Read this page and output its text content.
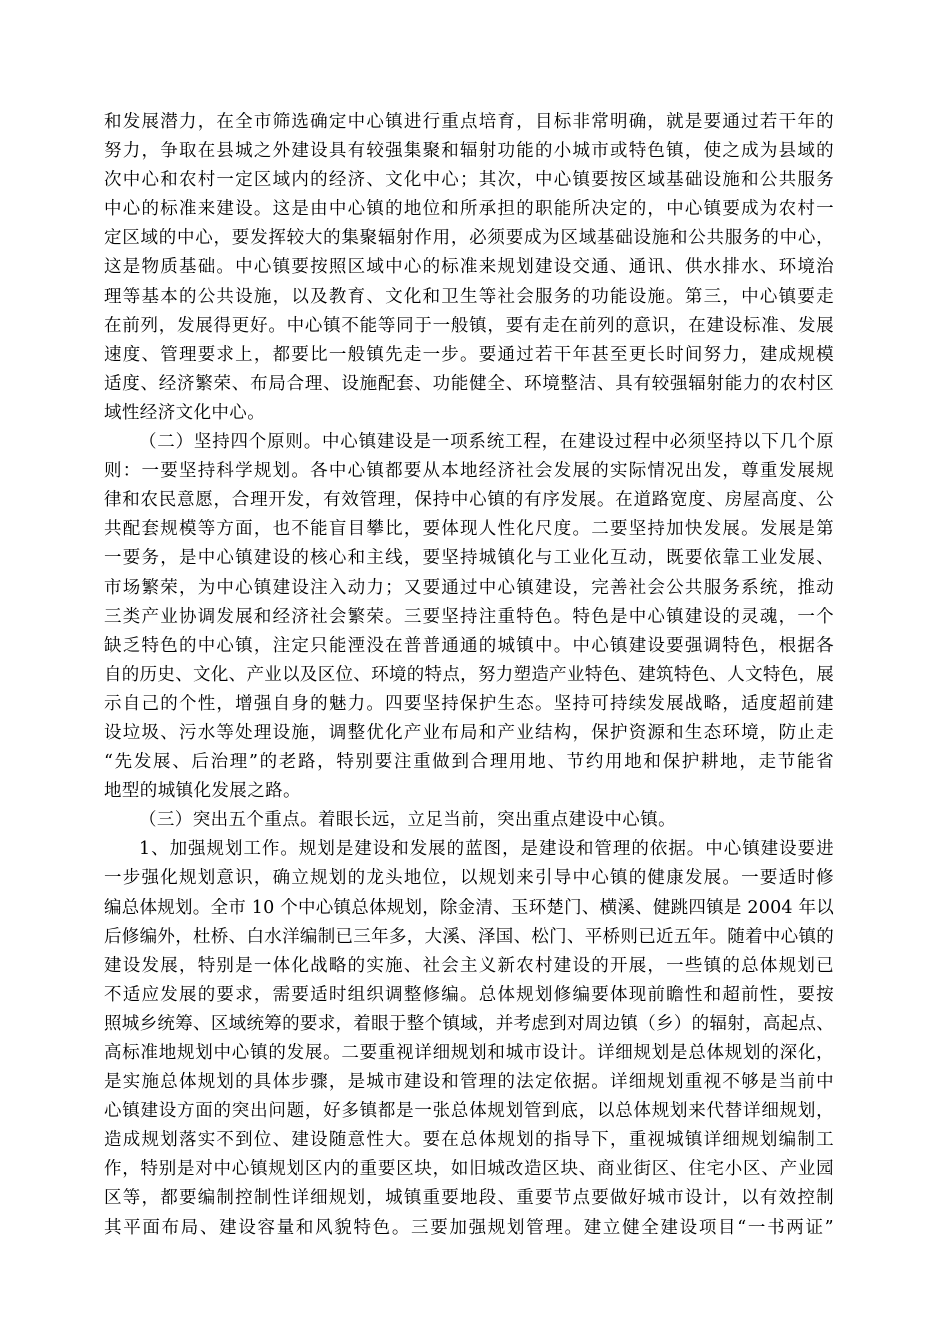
和发展潜力，在全市筛选确定中心镇进行重点培育，目标非常明确，就是要通过若干年的
努力，争取在县城之外建设具有较强集聚和辐射功能的小城市或特色镇，使之成为县域的
次中心和农村一定区域内的经济、文化中心；其次，中心镇要按区域基础设施和公共服务
中心的标准来建设。这是由中心镇的地位和所承担的职能所决定的，中心镇要成为农村一
定区域的中心，要发挥较大的集聚辐射作用，必须要成为区域基础设施和公共服务的中心，
这是物质基础。中心镇要按照区域中心的标准来规划建设交通、通讯、供水排水、环境治
理等基本的公共设施，以及教育、文化和卫生等社会服务的功能设施。第三，中心镇要走
在前列，发展得更好。中心镇不能等同于一般镇，要有走在前列的意识，在建设标准、发展
速度、管理要求上，都要比一般镇先走一步。要通过若干年甚至更长时间努力，建成规模
适度、经济繁荣、布局合理、设施配套、功能健全、环境整洁、具有较强辐射能力的农村区
域性经济文化中心。
（二）坚持四个原则。中心镇建设是一项系统工程，在建设过程中必须坚持以下几个原
则：一要坚持科学规划。各中心镇都要从本地经济社会发展的实际情况出发，尊重发展规
律和农民意愿，合理开发，有效管理，保持中心镇的有序发展。在道路宽度、房屋高度、公
共配套规模等方面，也不能盲目攀比，要体现人性化尺度。二要坚持加快发展。发展是第
一要务，是中心镇建设的核心和主线，要坚持城镇化与工业化互动，既要依靠工业发展、
市场繁荣，为中心镇建设注入动力；又要通过中心镇建设，完善社会公共服务系统，推动
三类产业协调发展和经济社会繁荣。三要坚持注重特色。特色是中心镇建设的灵魂，一个
缺乏特色的中心镇，注定只能湮没在普普通通的城镇中。中心镇建设要强调特色，根据各
自的历史、文化、产业以及区位、环境的特点，努力塑造产业特色、建筑特色、人文特色，展
示自己的个性，增强自身的魅力。四要坚持保护生态。坚持可持续发展战略，适度超前建
设垃圾、污水等处理设施，调整优化产业布局和产业结构，保护资源和生态环境，防止走
“先发展、后治理”的老路，特别要注重做到合理用地、节约用地和保护耕地，走节能省
地型的城镇化发展之路。
（三）突出五个重点。着眼长远，立足当前，突出重点建设中心镇。
1、加强规划工作。规划是建设和发展的蓝图，是建设和管理的依据。中心镇建设要进
一步强化规划意识，确立规划的龙头地位，以规划来引导中心镇的健康发展。一要适时修
编总体规划。全市 10 个中心镇总体规划，除金清、玉环楚门、横溪、健跳四镇是 2004 年以
后修编外，杜桥、白水洋编制已三年多，大溪、泽国、松门、平桥则已近五年。随着中心镇的
建设发展，特别是一体化战略的实施、社会主义新农村建设的开展，一些镇的总体规划已
不适应发展的要求，需要适时组织调整修编。总体规划修编要体现前瞻性和超前性，要按
照城乡统筹、区域统筹的要求，着眼于整个镇域，并考虑到对周边镇（乡）的辐射，高起点、
高标准地规划中心镇的发展。二要重视详细规划和城市设计。详细规划是总体规划的深化，
是实施总体规划的具体步骤，是城市建设和管理的法定依据。详细规划重视不够是当前中
心镇建设方面的突出问题，好多镇都是一张总体规划管到底，以总体规划来代替详细规划，
造成规划落实不到位、建设随意性大。要在总体规划的指导下，重视城镇详细规划编制工
作，特别是对中心镇规划区内的重要区块，如旧城改造区块、商业街区、住宅小区、产业园
区等，都要编制控制性详细规划，城镇重要地段、重要节点要做好城市设计，以有效控制
其平面布局、建设容量和风貌特色。三要加强规划管理。建立健全建设项目“一书两证”
